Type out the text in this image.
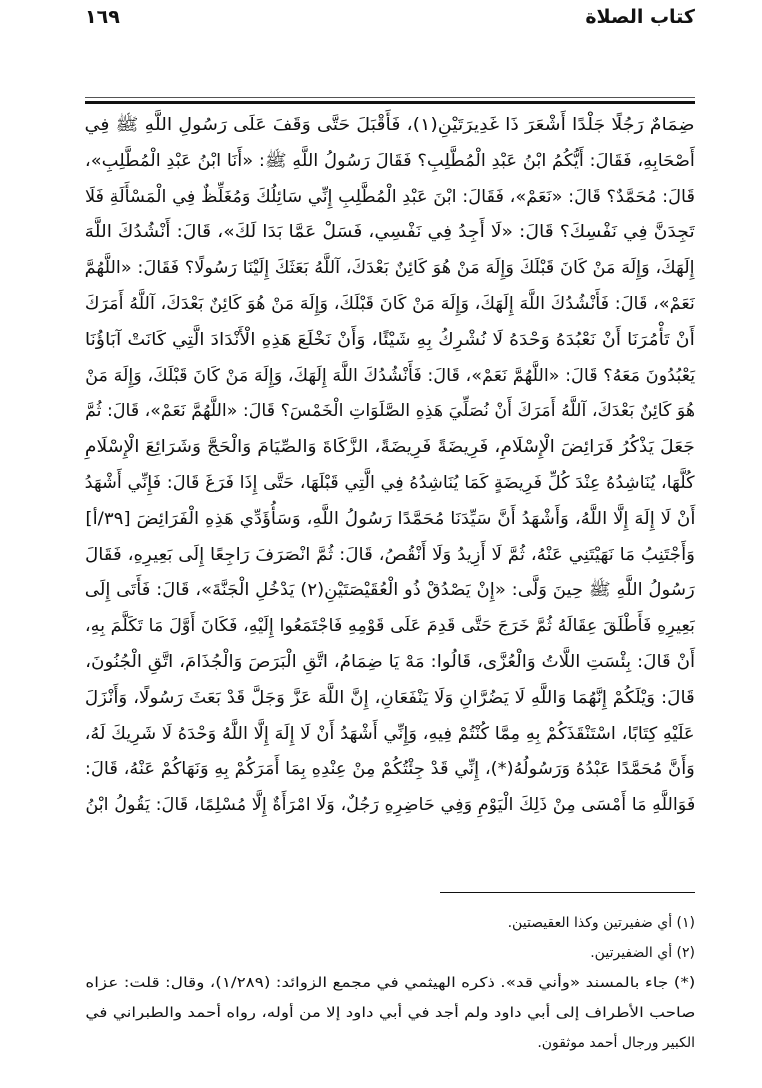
كتاب الصلاة
١٦٩
ضِمَامٌ رَجُلًا جَلْدًا أَشْعَرَ ذَا غَدِيرَتَيْنِ(١)، فَأَقْبَلَ حَتَّى وَقَفَ عَلَى رَسُولِ اللَّهِ ﷺ فِي
أَصْحَابِهِ، فَقَالَ: أَيُّكُمُ ابْنُ عَبْدِ الْمُطَّلِبِ؟ فَقَالَ رَسُولُ اللَّهِ ﷺ: «أَنَا ابْنُ عَبْدِ الْمُطَّلِبِ»،
قَالَ: مُحَمَّدٌ؟ قَالَ: «نَعَمْ»، فَقَالَ: ابْنَ عَبْدِ الْمُطَّلِبِ إِنِّي سَائِلُكَ وَمُغَلِّظٌ فِي الْمَسْأَلَةِ فَلَا
تَجِدَنَّ فِي نَفْسِكَ؟ قَالَ: «لَا أَجِدُ فِي نَفْسِي، فَسَلْ عَمَّا بَدَا لَكَ»، قَالَ: أَنْشُدُكَ اللَّهَ
إِلَهَكَ، وَإِلَهَ مَنْ كَانَ قَبْلَكَ وَإِلَهَ مَنْ هُوَ كَائِنٌ بَعْدَكَ، آللَّهُ بَعَثَكَ إِلَيْنَا رَسُولًا؟ فَقَالَ: «اللَّهُمَّ
نَعَمْ»، قَالَ: فَأَنْشُدُكَ اللَّهَ إِلَهَكَ، وَإِلَهَ مَنْ كَانَ قَبْلَكَ، وَإِلَهَ مَنْ هُوَ كَائِنٌ بَعْدَكَ، آللَّهُ أَمَرَكَ
أَنْ تَأْمُرَنَا أَنْ نَعْبُدَهُ وَحْدَهُ لَا نُشْرِكُ بِهِ شَيْئًا، وَأَنْ نَخْلَعَ هَذِهِ الْأَنْدَادَ الَّتِي كَانَتْ آبَاؤُنَا
يَعْبُدُونَ مَعَهُ؟ قَالَ: «اللَّهُمَّ نَعَمْ»، قَالَ: فَأَنْشُدُكَ اللَّهَ إِلَهَكَ، وَإِلَهَ مَنْ كَانَ قَبْلَكَ، وَإِلَهَ مَنْ
هُوَ كَائِنٌ بَعْدَكَ، آللَّهُ أَمَرَكَ أَنْ نُصَلِّيَ هَذِهِ الصَّلَوَاتِ الْخَمْسَ؟ قَالَ: «اللَّهُمَّ نَعَمْ»، قَالَ: ثُمَّ
جَعَلَ يَذْكُرُ فَرَائِضَ الْإِسْلَامِ، فَرِيضَةً فَرِيضَةً، الزَّكَاةَ وَالصِّيَامَ وَالْحَجَّ وَشَرَائِعَ الْإِسْلَامِ
كُلَّهَا، يُنَاشِدُهُ عِنْدَ كُلِّ فَرِيضَةٍ كَمَا يُنَاشِدُهُ فِي الَّتِي قَبْلَهَا، حَتَّى إِذَا فَرَغَ قَالَ: فَإِنِّي أَشْهَدُ
أَنْ لَا إِلَهَ إِلَّا اللَّهُ، وَأَشْهَدُ أَنَّ سَيِّدَنَا مُحَمَّدًا رَسُولُ اللَّهِ، وَسَأُؤَدِّي هَذِهِ الْفَرَائِضَ [٣٩/أ]
وَأَجْتَنِبُ مَا نَهَيْتَنِي عَنْهُ، ثُمَّ لَا أَزِيدُ وَلَا أَنْقُصُ، قَالَ: ثُمَّ انْصَرَفَ رَاجِعًا إِلَى بَعِيرِهِ، فَقَالَ
رَسُولُ اللَّهِ ﷺ حِينَ وَلَّى: «إِنْ يَصْدُقْ ذُو الْعُقَيْصَتَيْنِ(٢) يَدْخُلِ الْجَنَّةَ»، قَالَ: فَأَتَى إِلَى
بَعِيرِهِ فَأَطْلَقَ عِقَالَهُ ثُمَّ خَرَجَ حَتَّى قَدِمَ عَلَى قَوْمِهِ فَاجْتَمَعُوا إِلَيْهِ، فَكَانَ أَوَّلَ مَا تَكَلَّمَ بِهِ،
أَنْ قَالَ: بِئْسَتِ اللَّاتُ وَالْعُزَّى، قَالُوا: مَهْ يَا ضِمَامُ، اتَّقِ الْبَرَصَ وَالْجُذَامَ، اتَّقِ الْجُنُونَ،
قَالَ: وَيْلَكُمْ إِنَّهُمَا وَاللَّهِ لَا يَضُرَّانِ وَلَا يَنْفَعَانِ، إِنَّ اللَّهَ عَزَّ وَجَلَّ قَدْ بَعَثَ رَسُولًا، وَأَنْزَلَ
عَلَيْهِ كِتَابًا، اسْتَنْقَذَكُمْ بِهِ مِمَّا كُنْتُمْ فِيهِ، وَإِنِّي أَشْهَدُ أَنْ لَا إِلَهَ إِلَّا اللَّهُ وَحْدَهُ لَا شَرِيكَ لَهُ،
وَأَنَّ مُحَمَّدًا عَبْدُهُ وَرَسُولُهُ(*)، إِنِّي قَدْ جِئْتُكُمْ مِنْ عِنْدِهِ بِمَا أَمَرَكُمْ بِهِ وَنَهَاكُمْ عَنْهُ، قَالَ:
فَوَاللَّهِ مَا أَمْسَى مِنْ ذَلِكَ الْيَوْمِ وَفِي حَاضِرِهِ رَجُلٌ، وَلَا امْرَأَةٌ إِلَّا مُسْلِمًا، قَالَ: يَقُولُ ابْنُ
(١) أي ضفيرتين وكذا العقيصتين.
(٢) أي الضفيرتين.
(*) جاء بالمسند «وأني قد». ذكره الهيثمي في مجمع الزوائد: (١/٢٨٩)، وقال: قلت: عزاه
صاحب الأطراف إلى أبي داود ولم أجد في أبي داود إلا من أوله، رواه أحمد والطبراني في
الكبير ورجال أحمد موثقون.
